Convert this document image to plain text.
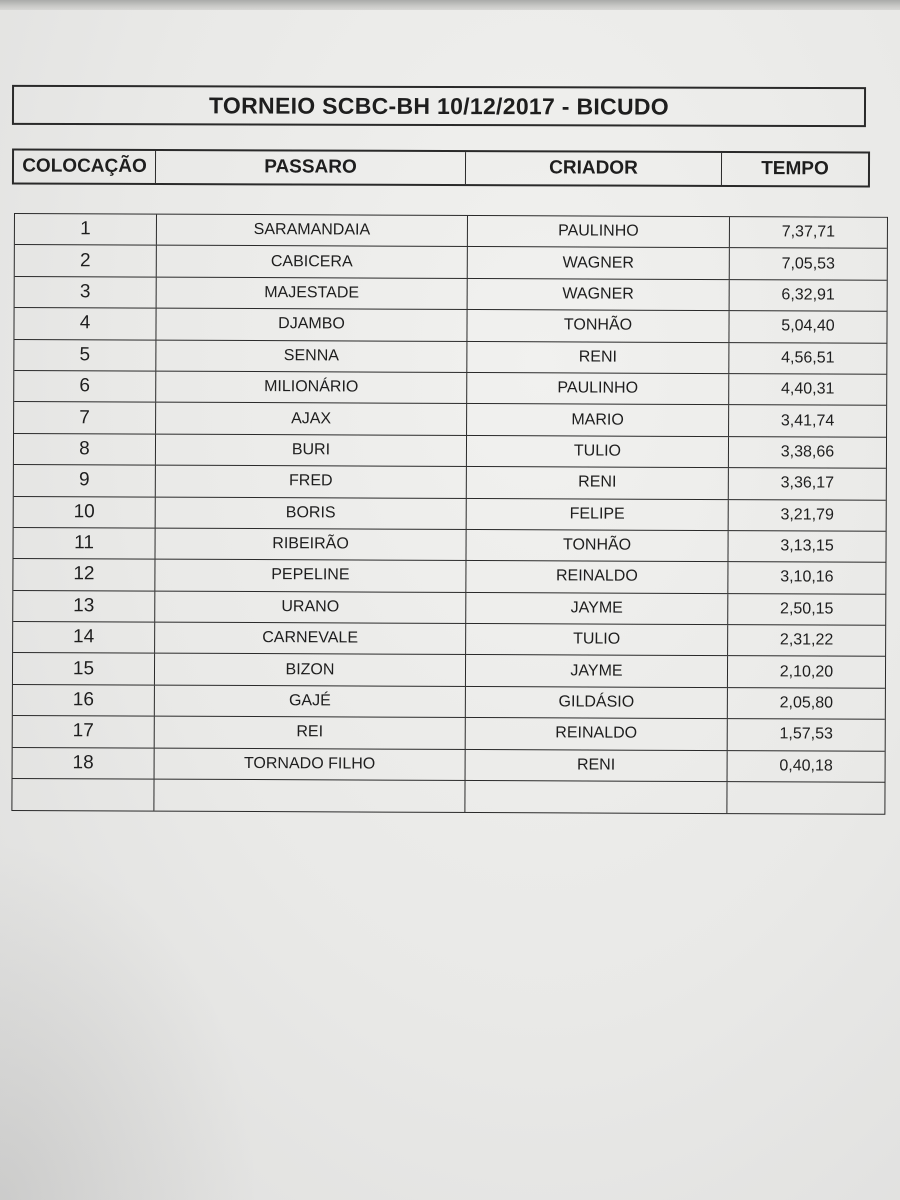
TORNEIO SCBC-BH 10/12/2017 - BICUDO
COLOCAÇÃO	PASSARO	CRIADOR	TEMPO
1	SARAMANDAIA	PAULINHO	7,37,71
2	CABICERA	WAGNER	7,05,53
3	MAJESTADE	WAGNER	6,32,91
4	DJAMBO	TONHÃO	5,04,40
5	SENNA	RENI	4,56,51
6	MILIONÁRIO	PAULINHO	4,40,31
7	AJAX	MARIO	3,41,74
8	BURI	TULIO	3,38,66
9	FRED	RENI	3,36,17
10	BORIS	FELIPE	3,21,79
11	RIBEIRÃO	TONHÃO	3,13,15
12	PEPELINE	REINALDO	3,10,16
13	URANO	JAYME	2,50,15
14	CARNEVALE	TULIO	2,31,22
15	BIZON	JAYME	2,10,20
16	GAJÉ	GILDÁSIO	2,05,80
17	REI	REINALDO	1,57,53
18	TORNADO FILHO	RENI	0,40,18
